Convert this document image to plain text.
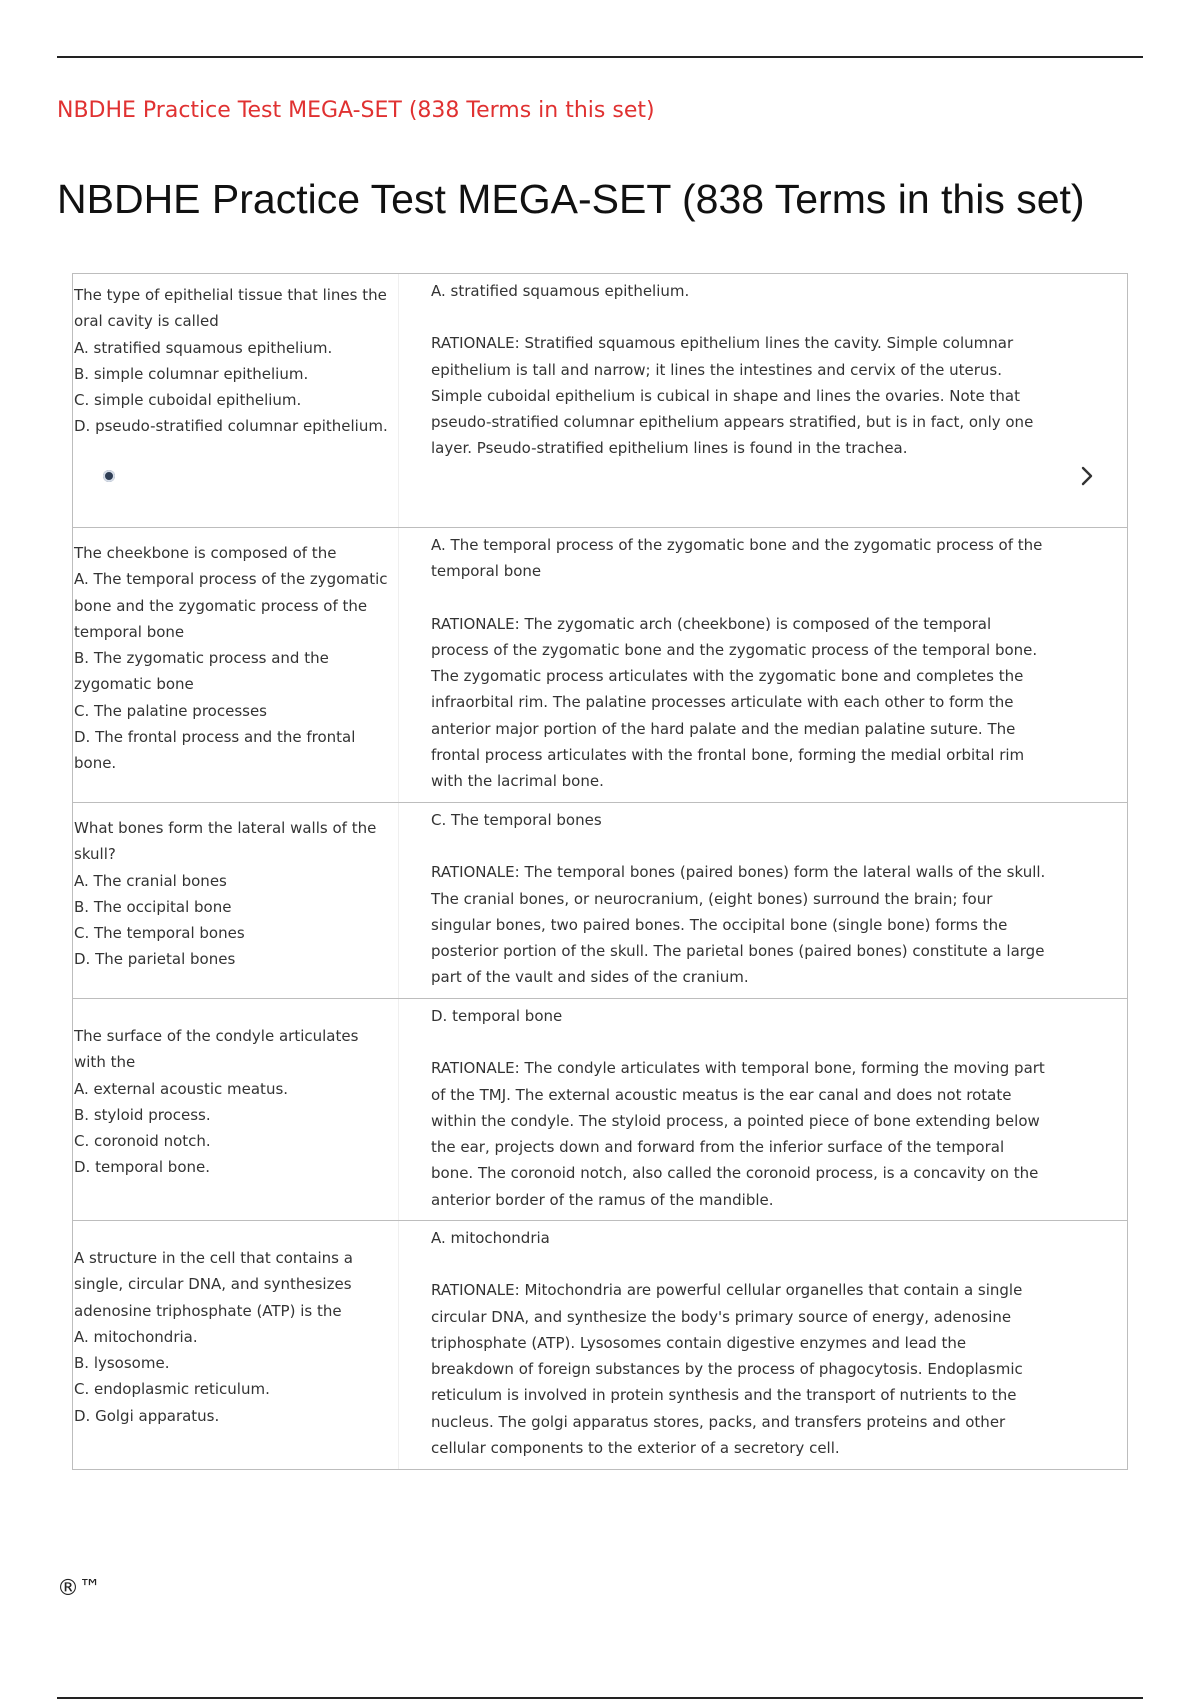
NBDHE Practice Test MEGA-SET (838 Terms in this set)
NBDHE Practice Test MEGA-SET (838 Terms in this set)
The type of epithelial tissue that lines the oral cavity is called
A. stratified squamous epithelium.
B. simple columnar epithelium.
C. simple cuboidal epithelium.
D. pseudo-stratified columnar epithelium.
A. stratified squamous epithelium.
RATIONALE: Stratified squamous epithelium lines the cavity. Simple columnar epithelium is tall and narrow; it lines the intestines and cervix of the uterus. Simple cuboidal epithelium is cubical in shape and lines the ovaries. Note that pseudo-stratified columnar epithelium appears stratified, but is in fact, only one layer. Pseudo-stratified epithelium lines is found in the trachea.
The cheekbone is composed of the
A. The temporal process of the zygomatic bone and the zygomatic process of the temporal bone
B. The zygomatic process and the zygomatic bone
C. The palatine processes
D. The frontal process and the frontal bone.
A. The temporal process of the zygomatic bone and the zygomatic process of the temporal bone
RATIONALE: The zygomatic arch (cheekbone) is composed of the temporal process of the zygomatic bone and the zygomatic process of the temporal bone. The zygomatic process articulates with the zygomatic bone and completes the infraorbital rim. The palatine processes articulate with each other to form the anterior major portion of the hard palate and the median palatine suture. The frontal process articulates with the frontal bone, forming the medial orbital rim with the lacrimal bone.
What bones form the lateral walls of the skull?
A. The cranial bones
B. The occipital bone
C. The temporal bones
D. The parietal bones
C. The temporal bones
RATIONALE: The temporal bones (paired bones) form the lateral walls of the skull. The cranial bones, or neurocranium, (eight bones) surround the brain; four singular bones, two paired bones. The occipital bone (single bone) forms the posterior portion of the skull. The parietal bones (paired bones) constitute a large part of the vault and sides of the cranium.
The surface of the condyle articulates with the
A. external acoustic meatus.
B. styloid process.
C. coronoid notch.
D. temporal bone.
D. temporal bone
RATIONALE: The condyle articulates with temporal bone, forming the moving part of the TMJ. The external acoustic meatus is the ear canal and does not rotate within the condyle. The styloid process, a pointed piece of bone extending below the ear, projects down and forward from the inferior surface of the temporal bone. The coronoid notch, also called the coronoid process, is a concavity on the anterior border of the ramus of the mandible.
A structure in the cell that contains a single, circular DNA, and synthesizes adenosine triphosphate (ATP) is the
A. mitochondria.
B. lysosome.
C. endoplasmic reticulum.
D. Golgi apparatus.
A. mitochondria
RATIONALE: Mitochondria are powerful cellular organelles that contain a single circular DNA, and synthesize the body's primary source of energy, adenosine triphosphate (ATP). Lysosomes contain digestive enzymes and lead the breakdown of foreign substances by the process of phagocytosis. Endoplasmic reticulum is involved in protein synthesis and the transport of nutrients to the nucleus. The golgi apparatus stores, packs, and transfers proteins and other cellular components to the exterior of a secretory cell.
®™
